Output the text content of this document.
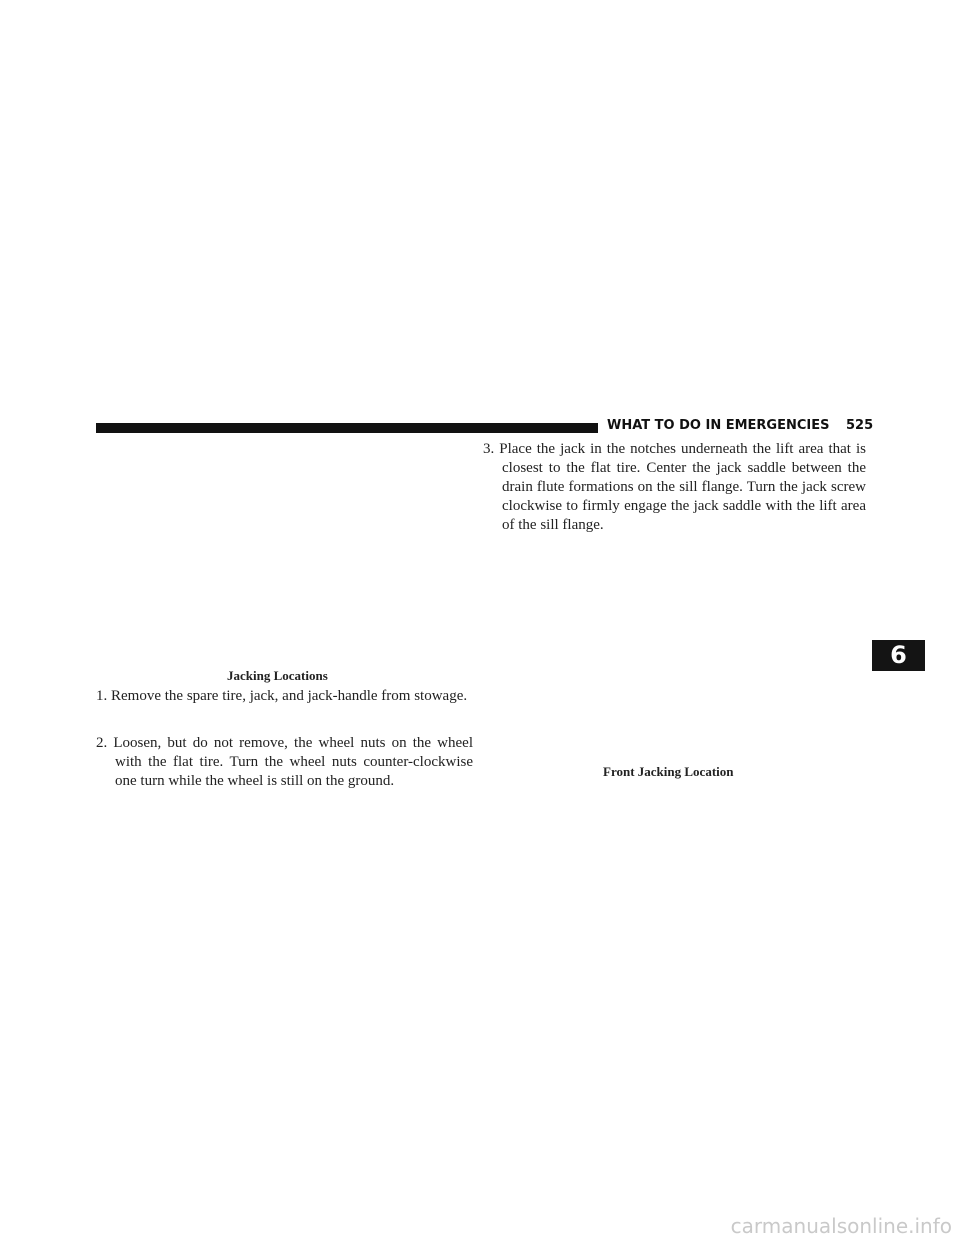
WHAT TO DO IN EMERGENCIES 525
Jacking Locations
1. Remove the spare tire, jack, and jack-handle from stowage.
2. Loosen, but do not remove, the wheel nuts on the wheel with the flat tire. Turn the wheel nuts counter-clockwise one turn while the wheel is still on the ground.
3. Place the jack in the notches underneath the lift area that is closest to the flat tire. Center the jack saddle between the drain flute formations on the sill flange. Turn the jack screw clockwise to firmly engage the jack saddle with the lift area of the sill flange.
Front Jacking Location
6
carmanualsonline.info
